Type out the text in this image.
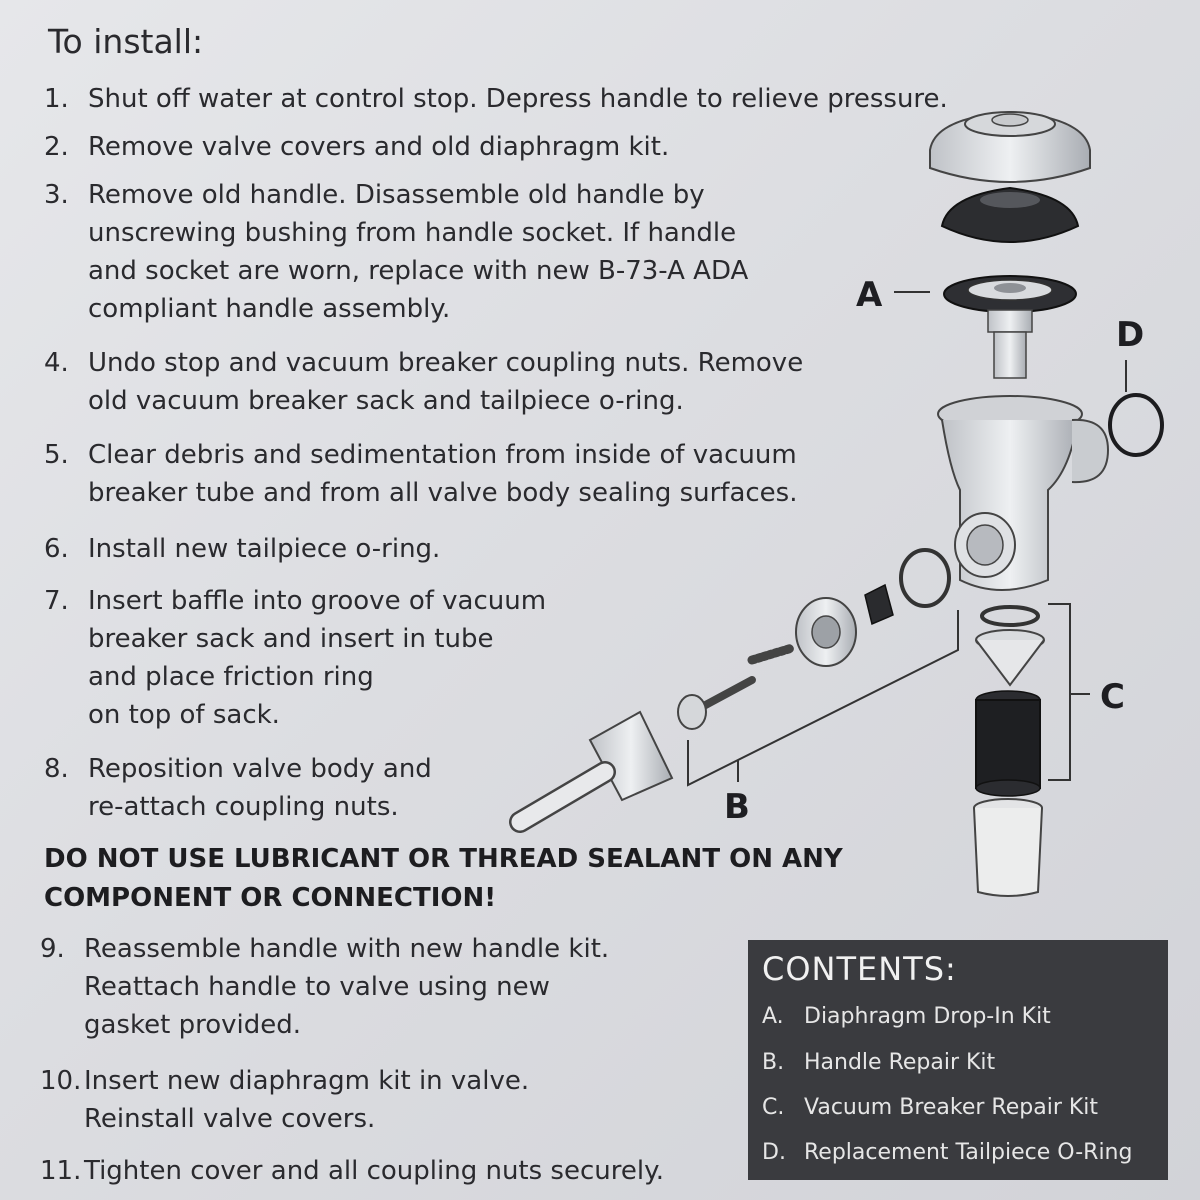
To install:
1. Shut off water at control stop. Depress handle to relieve pressure.
2. Remove valve covers and old diaphragm kit.
3. Remove old handle. Disassemble old handle by
unscrewing bushing from handle socket. If handle
and socket are worn, replace with new B-73-A ADA
compliant handle assembly.
4. Undo stop and vacuum breaker coupling nuts. Remove
old vacuum breaker sack and tailpiece o-ring.
5. Clear debris and sedimentation from inside of vacuum
breaker tube and from all valve body sealing surfaces.
6. Install new tailpiece o-ring.
7. Insert baffle into groove of vacuum
breaker sack and insert in tube
and place friction ring
on top of sack.
8. Reposition valve body and
re-attach coupling nuts.
DO NOT USE LUBRICANT OR THREAD SEALANT ON ANY
COMPONENT OR CONNECTION!
9. Reassemble handle with new handle kit.
Reattach handle to valve using new
gasket provided.
10. Insert new diaphragm kit in valve.
Reinstall valve covers.
11. Tighten cover and all coupling nuts securely.
A
D
C
B
CONTENTS:
A. Diaphragm Drop-In Kit
B. Handle Repair Kit
C. Vacuum Breaker Repair Kit
D. Replacement Tailpiece O-Ring
